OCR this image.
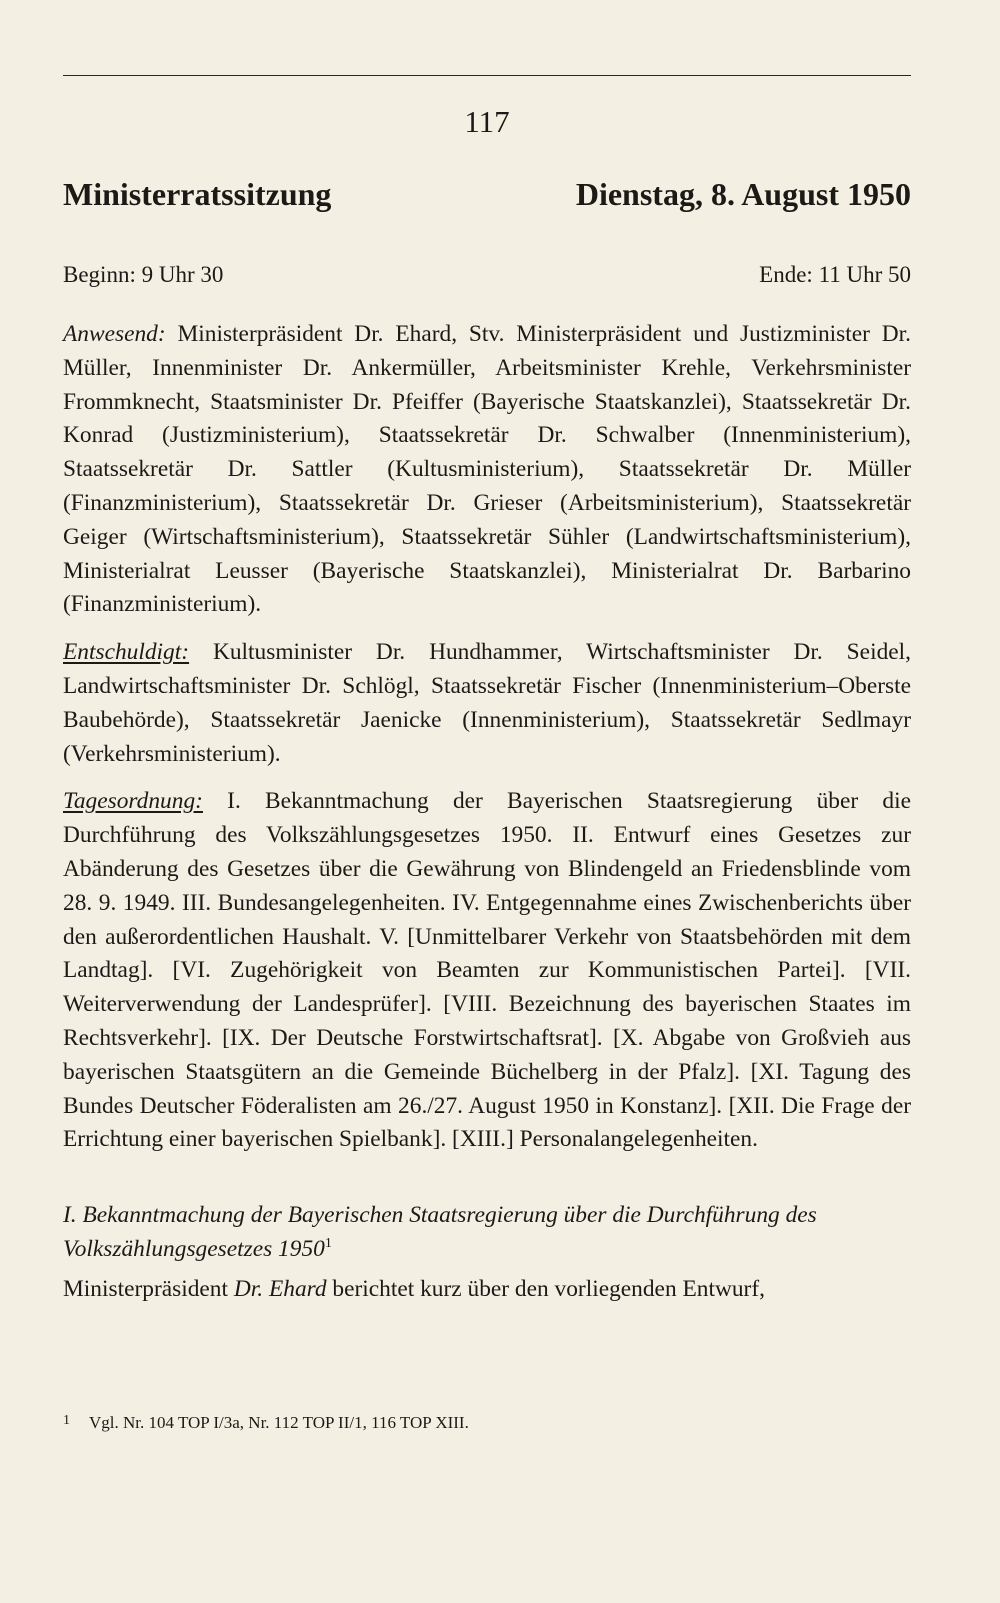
117
Ministerratssitzung	Dienstag, 8. August 1950
Beginn: 9 Uhr 30	Ende: 11 Uhr 50

Anwesend: Ministerpräsident Dr. Ehard, Stv. Ministerpräsident und Justizminister Dr. Müller, Innenminister Dr. Ankermüller, Arbeitsminister Krehle, Verkehrsminister Frommknecht, Staatsminister Dr. Pfeiffer (Bayerische Staatskanzlei), Staatssekretär Dr. Konrad (Justizministerium), Staatssekretär Dr. Schwalber (Innenministerium), Staatssekretär Dr. Sattler (Kultusministerium), Staatssekretär Dr. Müller (Finanzministerium), Staatssekretär Dr. Grieser (Arbeitsministerium), Staatssekretär Geiger (Wirtschaftsministerium), Staatssekretär Sühler (Landwirtschaftsministerium), Ministerialrat Leusser (Bayerische Staatskanzlei), Ministerialrat Dr. Barbarino (Finanzministerium).

Entschuldigt: Kultusminister Dr. Hundhammer, Wirtschaftsminister Dr. Seidel, Landwirtschaftsminister Dr. Schlögl, Staatssekretär Fischer (Innenministerium–Oberste Baubehörde), Staatssekretär Jaenicke (Innenministerium), Staatssekretär Sedlmayr (Verkehrsministerium).

Tagesordnung: I. Bekanntmachung der Bayerischen Staatsregierung über die Durchführung des Volkszählungsgesetzes 1950. II. Entwurf eines Gesetzes zur Abänderung des Gesetzes über die Gewährung von Blindengeld an Friedensblinde vom 28. 9. 1949. III. Bundesangelegenheiten. IV. Entgegennahme eines Zwischenberichts über den außerordentlichen Haushalt. V. [Unmittelbarer Verkehr von Staatsbehörden mit dem Landtag]. [VI. Zugehörigkeit von Beamten zur Kommunistischen Partei]. [VII. Weiterverwendung der Landesprüfer]. [VIII. Bezeichnung des bayerischen Staates im Rechtsverkehr]. [IX. Der Deutsche Forstwirtschaftsrat]. [X. Abgabe von Großvieh aus bayerischen Staatsgütern an die Gemeinde Büchelberg in der Pfalz]. [XI. Tagung des Bundes Deutscher Föderalisten am 26./27. August 1950 in Konstanz]. [XII. Die Frage der Errichtung einer bayerischen Spielbank]. [XIII.] Personalangelegenheiten.

I. Bekanntmachung der Bayerischen Staatsregierung über die Durchführung des Volkszählungsgesetzes 1950$^1$

Ministerpräsident Dr. Ehard berichtet kurz über den vorliegenden Entwurf,

1 Vgl. Nr. 104 TOP I/3a, Nr. 112 TOP II/1, 116 TOP XIII.
